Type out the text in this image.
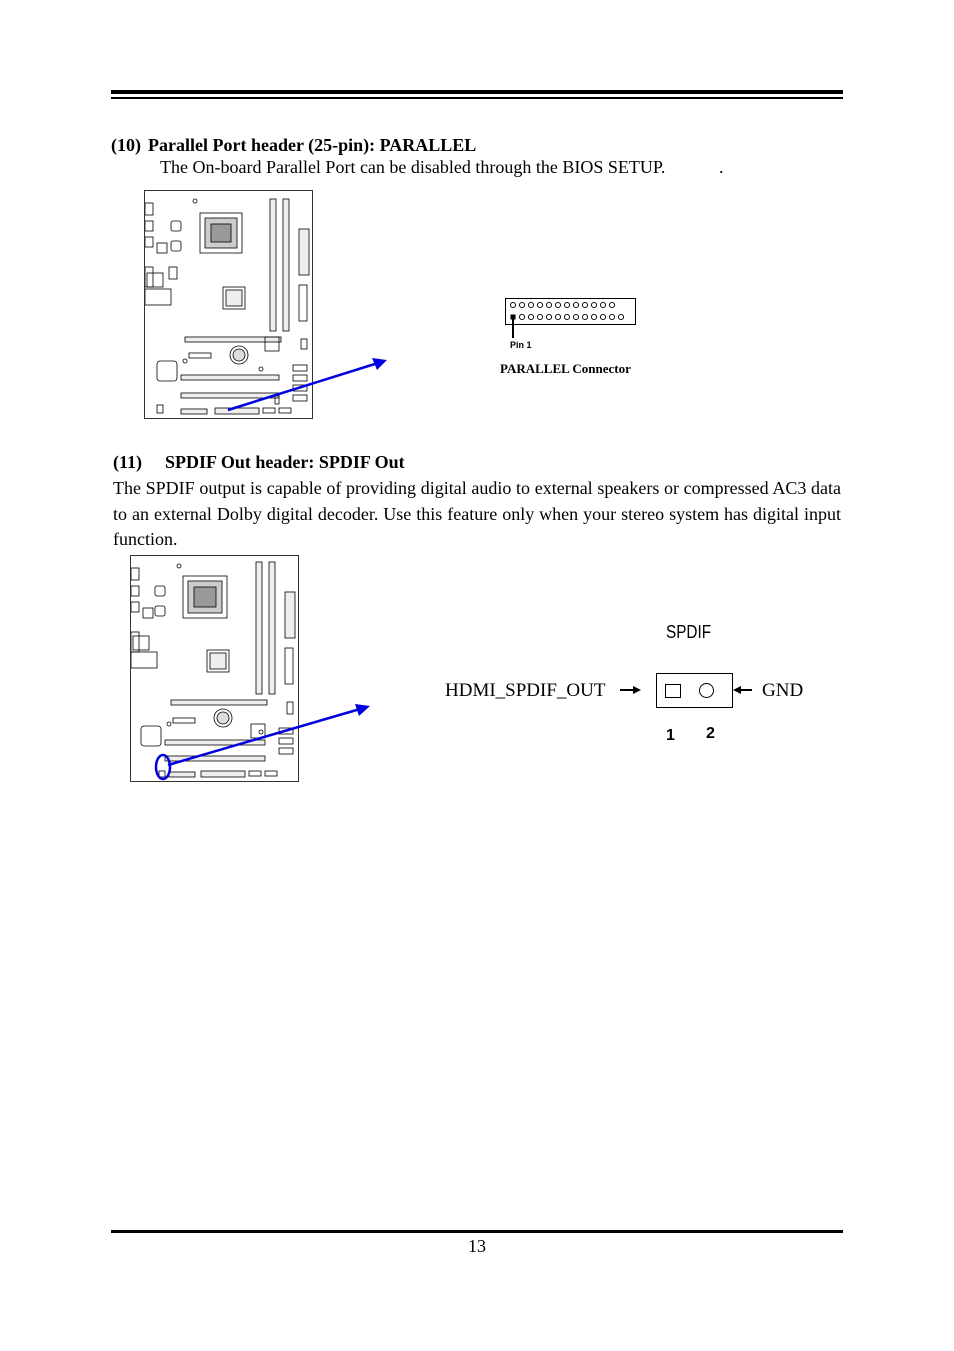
(10) Parallel Port header (25-pin): PARALLEL
The On-board Parallel Port can be disabled through the BIOS SETUP.	.
Pin 1
PARALLEL Connector
(11) SPDIF Out header: SPDIF Out
The SPDIF output is capable of providing digital audio to external speakers or compressed AC3 data to an external Dolby digital decoder. Use this feature only when your stereo system has digital input function.
SPDIF
HDMI_SPDIF_OUT	GND
1 2
13
